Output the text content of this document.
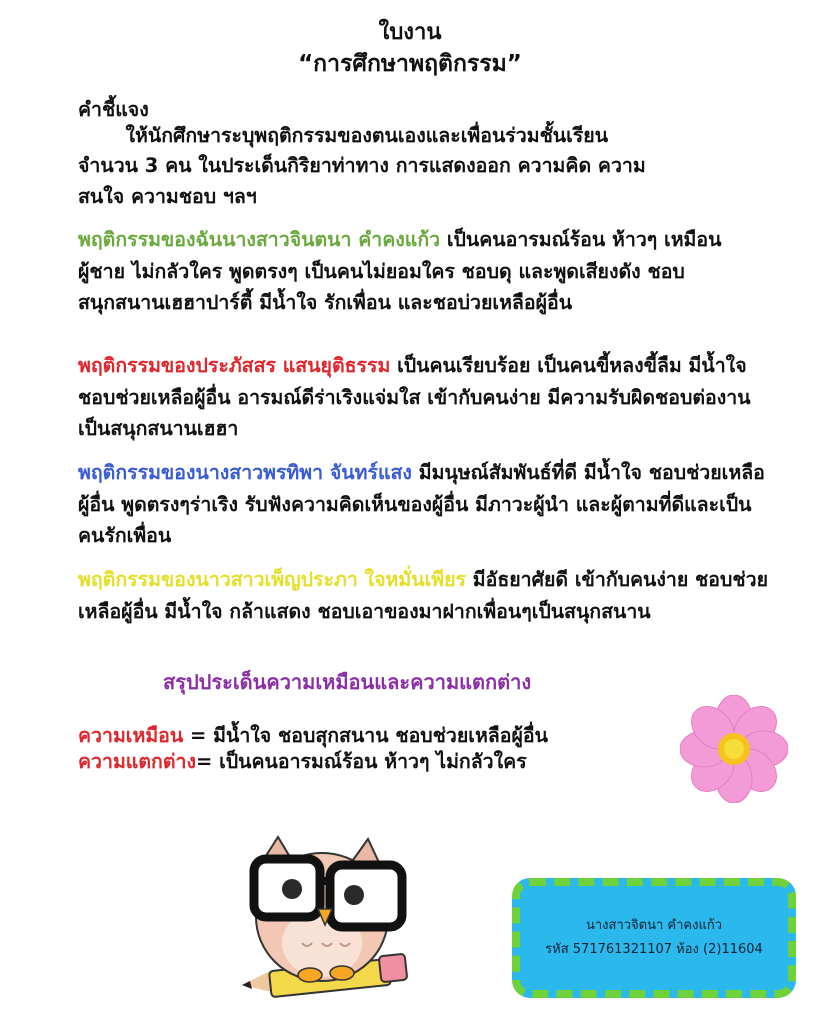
ใบงาน
“การศึกษาพฤติกรรม”
คำชี้แจง
ให้นักศึกษาระบุพฤติกรรมของตนเองและเพื่อนร่วมชั้นเรียน
จำนวน 3 คน ในประเด็นกิริยาท่าทาง การแสดงออก ความคิด ความ
สนใจ ความชอบ ฯลฯ
พฤติกรรมของฉันนางสาวจินตนา คำคงแก้ว เป็นคนอารมณ์ร้อน ห้าวๆ เหมือนผู้ชาย ไม่กลัวใคร พูดตรงๆ เป็นคนไม่ยอมใคร ชอบดุ และพูดเสียงดัง ชอบสนุกสนานเฮฮาปาร์ตี้ มีน้ำใจ รักเพื่อน และชอบ่วยเหลือผู้อื่น
พฤติกรรมของประภัสสร แสนยุติธรรม เป็นคนเรียบร้อย เป็นคนขี้หลงขี้ลืม มีน้ำใจ ชอบช่วยเหลือผู้อื่น อารมณ์ดีร่าเริงแจ่มใส เข้ากับคนง่าย มีความรับผิดชอบต่องาน เป็นสนุกสนานเฮฮา
พฤติกรรมของนางสาวพรทิพา จันทร์แสง มีมนุษณ์สัมพันธ์ที่ดี มีน้ำใจ ชอบช่วยเหลือผู้อื่น พูดตรงๆร่าเริง รับฟังความคิดเห็นของผู้อื่น มีภาวะผู้นำ และผู้ตามที่ดีและเป็นคนรักเพื่อน
พฤติกรรมของนาวสาวเพ็ญประภา ใจหมั่นเพียร มีอัธยาศัยดี เข้ากับคนง่าย ชอบช่วยเหลือผู้อื่น มีน้ำใจ กล้าแสดง ชอบเอาของมาฝากเพื่อนๆเป็นสนุกสนาน
สรุปประเด็นความเหมือนและความแตกต่าง
ความเหมือน = มีน้ำใจ ชอบสุกสนาน ชอบช่วยเหลือผู้อื่น
ความแตกต่าง= เป็นคนอารมณ์ร้อน ห้าวๆ ไม่กลัวใคร
นางสาวจิตนา คำคงแก้ว
รหัส 571761321107 ห้อง (2)11604
